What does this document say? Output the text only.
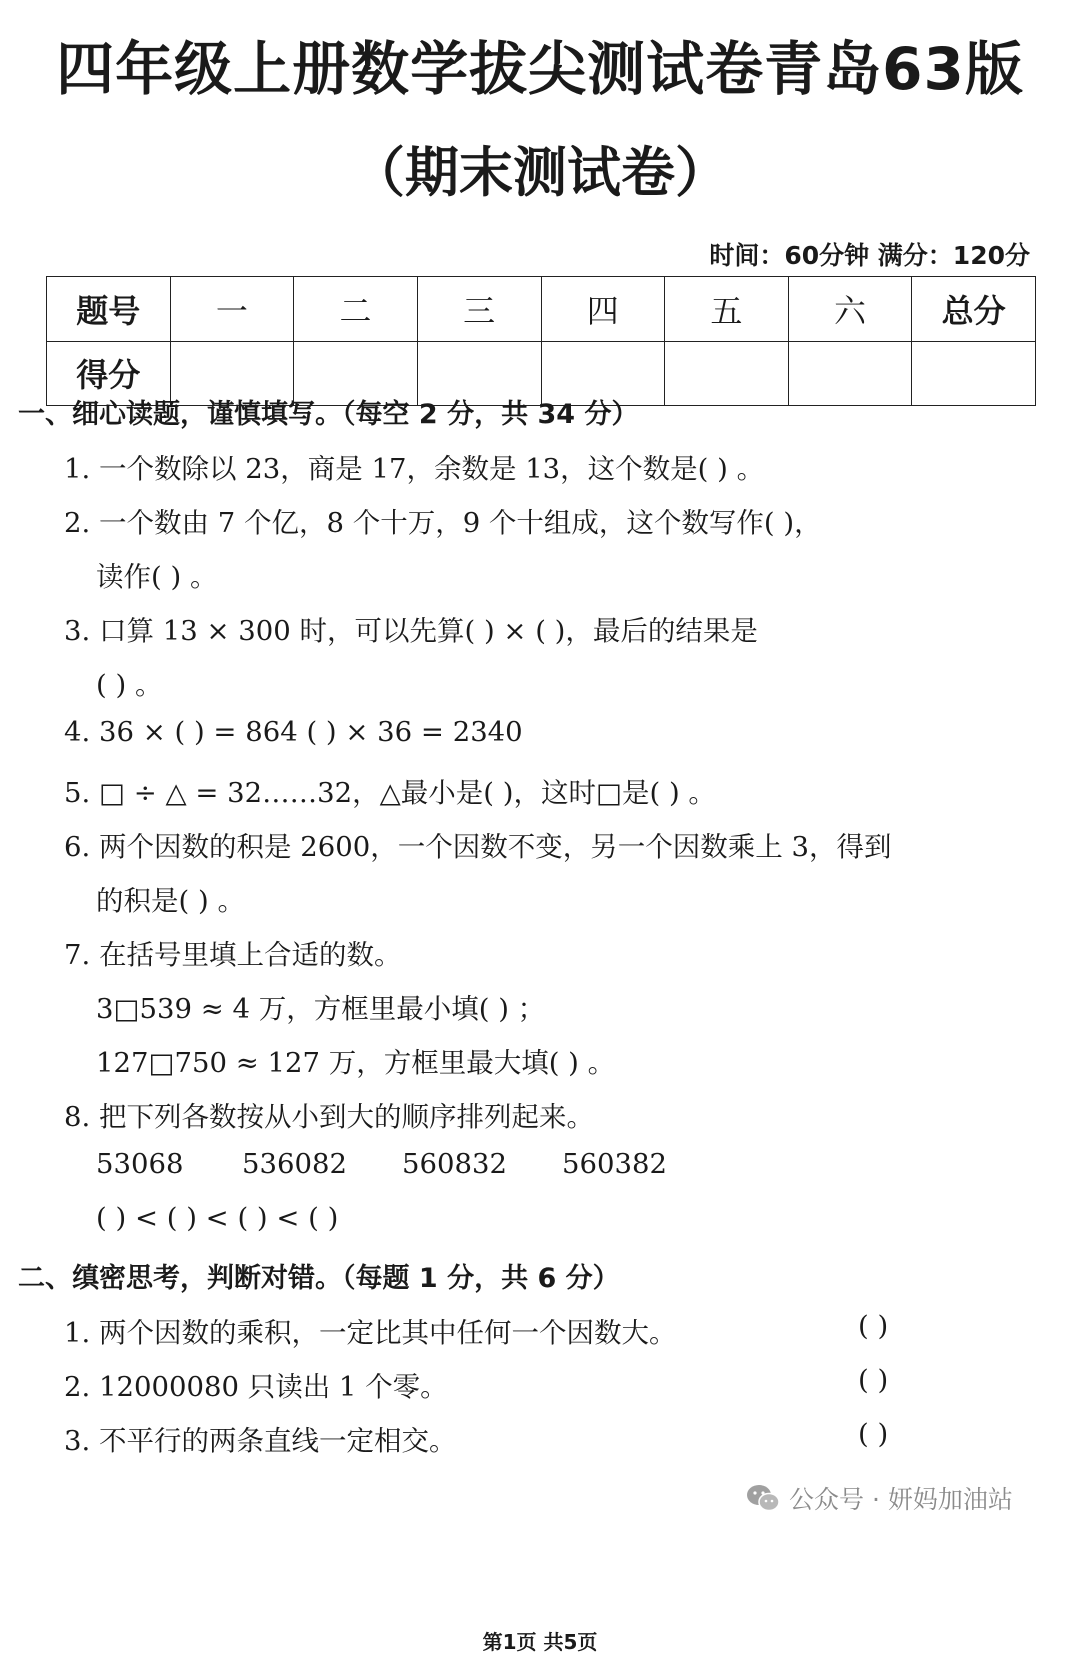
四年级上册数学拔尖测试卷青岛63版
（期末测试卷）
时间：60分钟 满分：120分
题号	一	二	三	四	五	六	总分
得分							
一、细心读题，谨慎填写。（每空 2 分，共 34 分）
1. 一个数除以 23，商是 17，余数是 13，这个数是( ) 。
2. 一个数由 7 个亿，8 个十万，9 个十组成，这个数写作( )，
读作( ) 。
3. 口算 13 × 300 时，可以先算( ) × ( )，最后的结果是
( ) 。
4. 36 × ( ) = 864 ( ) × 36 = 2340
5. □ ÷ △ = 32……32，△最小是( )，这时□是( ) 。
6. 两个因数的积是 2600，一个因数不变，另一个因数乘上 3，得到
的积是( ) 。
7. 在括号里填上合适的数。
3□539 ≈ 4 万，方框里最小填( ) ；
127□750 ≈ 127 万，方框里最大填( ) 。
8. 把下列各数按从小到大的顺序排列起来。
53068 536082 560832 560382
( ) < ( ) < ( ) < ( )
二、缜密思考，判断对错。（每题 1 分，共 6 分）
1. 两个因数的乘积，一定比其中任何一个因数大。	( )
2. 12000080 只读出 1 个零。	( )
3. 不平行的两条直线一定相交。	( )
公众号 · 妍妈加油站
第1页 共5页
